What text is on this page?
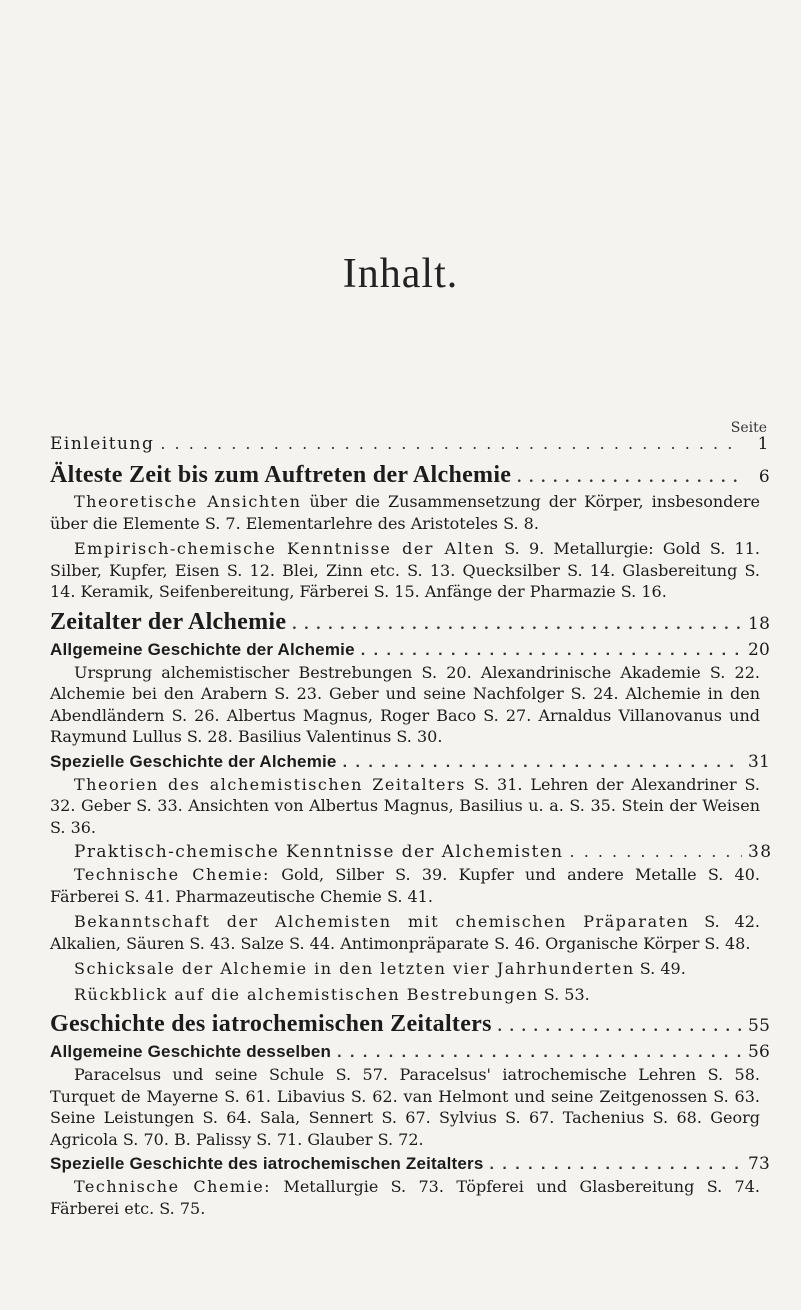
Inhalt.
Seite
Einleitung . . .	1
Älteste Zeit bis zum Auftreten der Alchemie . . .	6
Theoretische Ansichten über die Zusammensetzung der Körper, insbesondere über die Elemente S. 7. Elementarlehre des Aristoteles S. 8.
Empirisch-chemische Kenntnisse der Alten S. 9. Metallurgie: Gold S. 11. Silber, Kupfer, Eisen S. 12. Blei, Zinn etc. S. 13. Quecksilber S. 14. Glasbereitung S. 14. Keramik, Seifenbereitung, Färberei S. 15. Anfänge der Pharmazie S. 16.
Zeitalter der Alchemie . . .	18
Allgemeine Geschichte der Alchemie . . .	20
Ursprung alchemistischer Bestrebungen S. 20. Alexandrinische Akademie S. 22. Alchemie bei den Arabern S. 23. Geber und seine Nachfolger S. 24. Alchemie in den Abendländern S. 26. Albertus Magnus, Roger Baco S. 27. Arnaldus Villanovanus und Raymund Lullus S. 28. Basilius Valentinus S. 30.
Spezielle Geschichte der Alchemie . . .	31
Theorien des alchemistischen Zeitalters S. 31. Lehren der Alexandriner S. 32. Geber S. 33. Ansichten von Albertus Magnus, Basilius u. a. S. 35. Stein der Weisen S. 36.
Praktisch-chemische Kenntnisse der Alchemisten . . .	38
Technische Chemie: Gold, Silber S. 39. Kupfer und andere Metalle S. 40. Färberei S. 41. Pharmazeutische Chemie S. 41.
Bekanntschaft der Alchemisten mit chemischen Präparaten S. 42. Alkalien, Säuren S. 43. Salze S. 44. Antimonpräparate S. 46. Organische Körper S. 48.
Schicksale der Alchemie in den letzten vier Jahrhunderten S. 49.
Rückblick auf die alchemistischen Bestrebungen S. 53.
Geschichte des iatrochemischen Zeitalters . . .	55
Allgemeine Geschichte desselben . . .	56
Paracelsus und seine Schule S. 57. Paracelsus' iatrochemische Lehren S. 58. Turquet de Mayerne S. 61. Libavius S. 62. van Helmont und seine Zeitgenossen S. 63. Seine Leistungen S. 64. Sala, Sennert S. 67. Sylvius S. 67. Tachenius S. 68. Georg Agricola S. 70. B. Palissy S. 71. Glauber S. 72.
Spezielle Geschichte des iatrochemischen Zeitalters . . .	73
Technische Chemie: Metallurgie S. 73. Töpferei und Glasbereitung S. 74. Färberei etc. S. 75.
